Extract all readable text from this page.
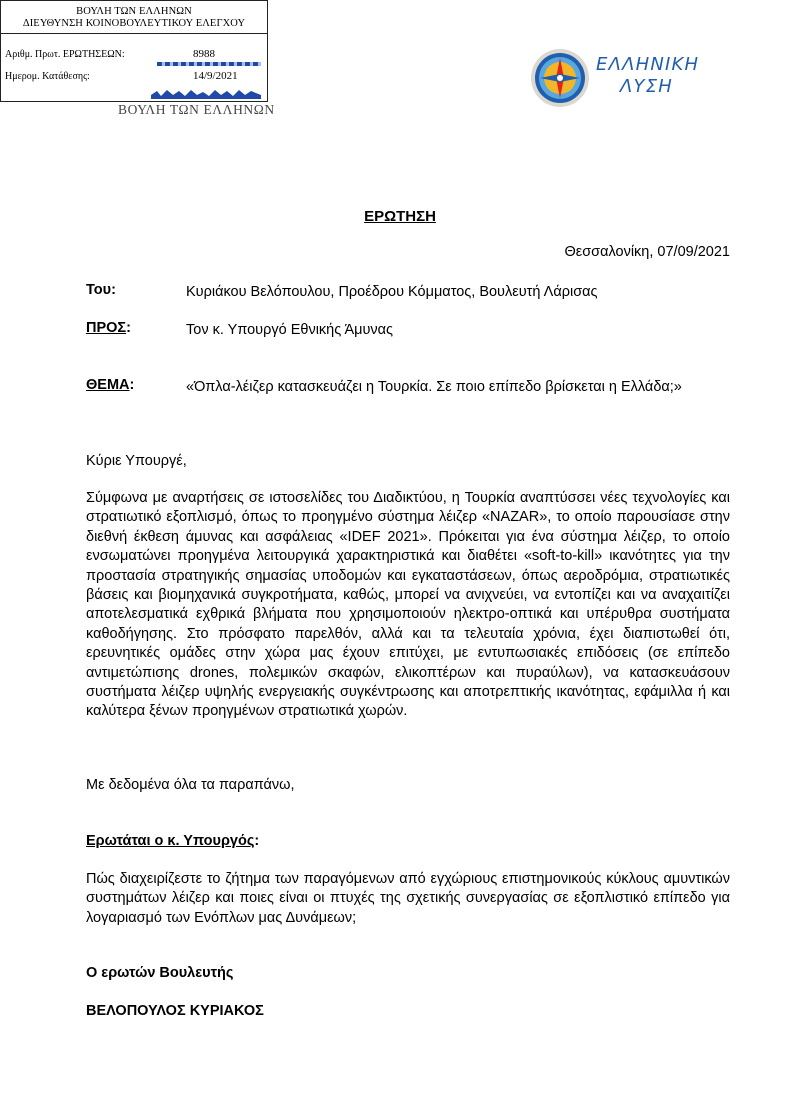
ΒΟΥΛΗ ΤΩΝ ΕΛΛΗΝΩΝ
ΔΙΕΥΘΥΝΣΗ ΚΟΙΝΟΒΟΥΛΕΥΤΙΚΟΥ ΕΛΕΓΧΟΥ
Αριθμ. Πρωτ. ΕΡΩΤΗΣΕΩΝ:	8988
Ημερομ. Κατάθεσης:	14/9/2021
ΒΟΥΛΗ ΤΩΝ ΕΛΛΗΝΩΝ
ΕΛΛΗΝΙΚΗ
ΛΥΣΗ
ΕΡΩΤΗΣΗ
Θεσσαλονίκη, 07/09/2021
Του:	Κυριάκου Βελόπουλου, Προέδρου Κόμματος, Βουλευτή Λάρισας
ΠΡΟΣ:	Τον κ. Υπουργό Εθνικής Άμυνας
ΘΕΜΑ:	«Όπλα-λέιζερ κατασκευάζει η Τουρκία. Σε ποιο επίπεδο βρίσκεται η Ελλάδα;»
Κύριε Υπουργέ,
Σύμφωνα με αναρτήσεις σε ιστοσελίδες του Διαδικτύου, η Τουρκία αναπτύσσει νέες τεχνολογίες και στρατιωτικό εξοπλισμό, όπως το προηγμένο σύστημα λέιζερ «NAZAR», το οποίο παρουσίασε στην διεθνή έκθεση άμυνας και ασφάλειας «IDEF 2021». Πρόκειται για ένα σύστημα λέιζερ, το οποίο ενσωματώνει προηγμένα λειτουργικά χαρακτηριστικά και διαθέτει «soft-to-kill» ικανότητες για την προστασία στρατηγικής σημασίας υποδομών και εγκαταστάσεων, όπως αεροδρόμια, στρατιωτικές βάσεις και βιομηχανικά συγκροτήματα, καθώς, μπορεί να ανιχνεύει, να εντοπίζει και να αναχαιτίζει αποτελεσματικά εχθρικά βλήματα που χρησιμοποιούν ηλεκτρο-οπτικά και υπέρυθρα συστήματα καθοδήγησης. Στο πρόσφατο παρελθόν, αλλά και τα τελευταία χρόνια, έχει διαπιστωθεί ότι, ερευνητικές ομάδες στην χώρα μας έχουν επιτύχει, με εντυπωσιακές επιδόσεις (σε επίπεδο αντιμετώπισης drones, πολεμικών σκαφών, ελικοπτέρων και πυραύλων), να κατασκευάσουν συστήματα λέιζερ υψηλής ενεργειακής συγκέντρωσης και αποτρεπτικής ικανότητας, εφάμιλλα ή και καλύτερα ξένων προηγμένων στρατιωτικά χωρών.
Με δεδομένα όλα τα παραπάνω,
Ερωτάται ο κ. Υπουργός:
Πώς διαχειρίζεστε το ζήτημα των παραγόμενων από εγχώριους επιστημονικούς κύκλους αμυντικών συστημάτων λέιζερ και ποιες είναι οι πτυχές της σχετικής συνεργασίας σε εξοπλιστικό επίπεδο για λογαριασμό των Ενόπλων μας Δυνάμεων;
Ο ερωτών Βουλευτής
ΒΕΛΟΠΟΥΛΟΣ ΚΥΡΙΑΚΟΣ
